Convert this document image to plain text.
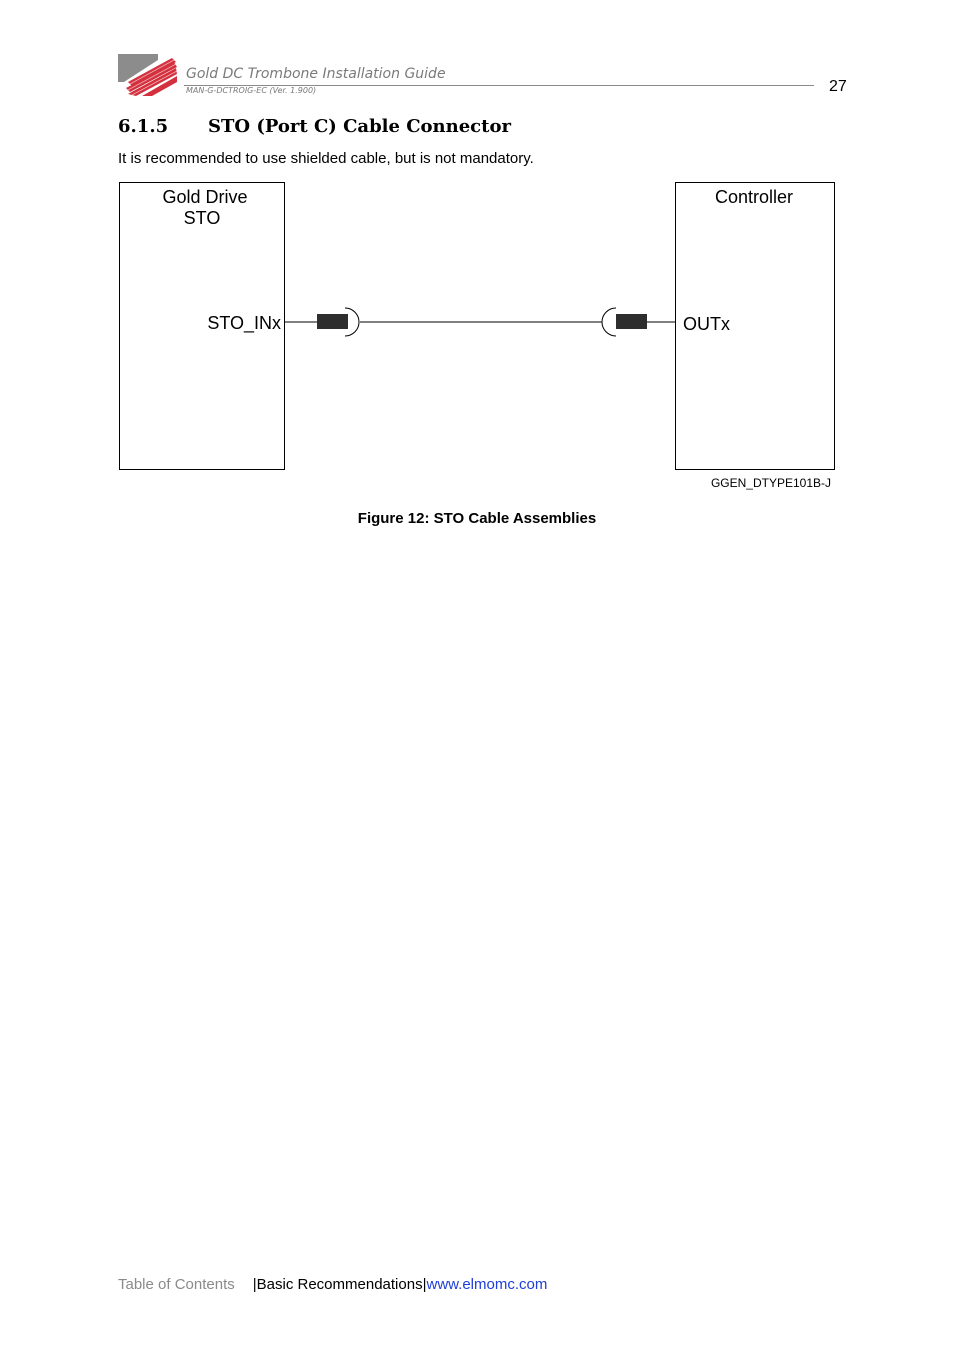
Gold DC Trombone Installation Guide
MAN-G-DCTROIG-EC (Ver. 1.900)	27
6.1.5 STO (Port C) Cable Connector
It is recommended to use shielded cable, but is not mandatory.
Gold Drive
STO
STO_INx
Controller
OUTx
GGEN_DTYPE101B-J
Figure 12: STO Cable Assemblies
Table of Contents |Basic Recommendations|www.elmomc.com
